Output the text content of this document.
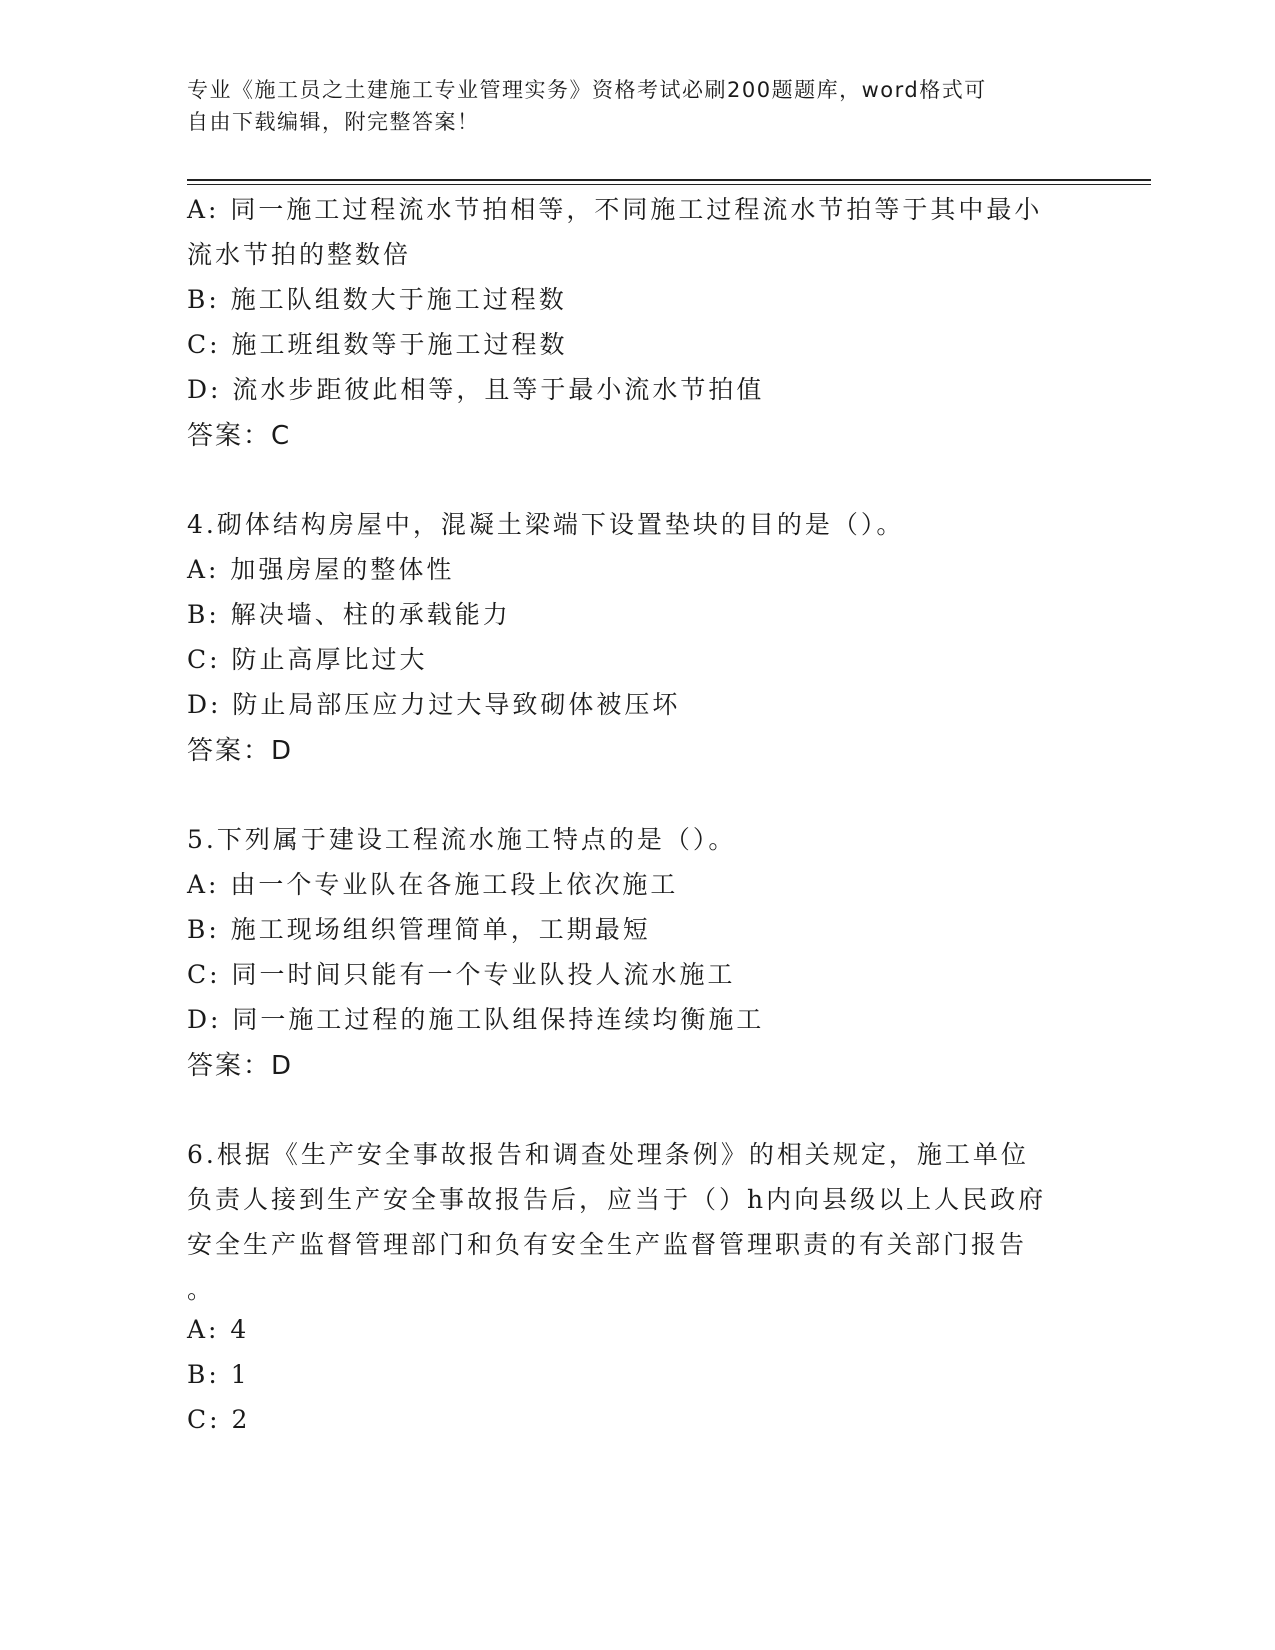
专业《施工员之土建施工专业管理实务》资格考试必刷200题题库，word格式可
自由下载编辑，附完整答案！
A: 同一施工过程流水节拍相等，不同施工过程流水节拍等于其中最小
流水节拍的整数倍
B: 施工队组数大于施工过程数
C: 施工班组数等于施工过程数
D: 流水步距彼此相等，且等于最小流水节拍值
答案：C
4.砌体结构房屋中，混凝土梁端下设置垫块的目的是（）。
A: 加强房屋的整体性
B: 解决墙、柱的承载能力
C: 防止高厚比过大
D: 防止局部压应力过大导致砌体被压坏
答案：D
5.下列属于建设工程流水施工特点的是（）。
A: 由一个专业队在各施工段上依次施工
B: 施工现场组织管理简单，工期最短
C: 同一时间只能有一个专业队投人流水施工
D: 同一施工过程的施工队组保持连续均衡施工
答案：D
6.根据《生产安全事故报告和调查处理条例》的相关规定，施工单位
负责人接到生产安全事故报告后，应当于（）h内向县级以上人民政府
安全生产监督管理部门和负有安全生产监督管理职责的有关部门报告
。
A: 4
B: 1
C: 2
